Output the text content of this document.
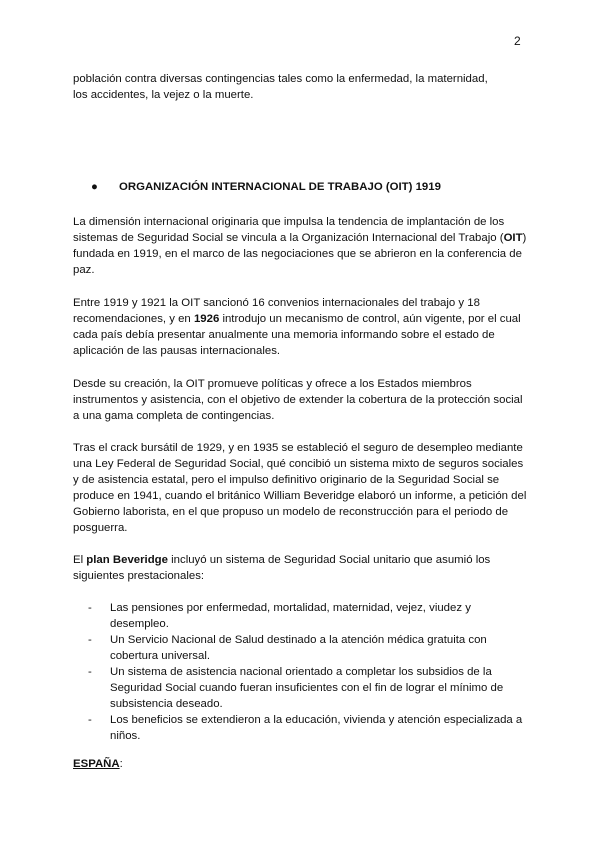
2
población contra diversas contingencias tales como la enfermedad, la maternidad,
los accidentes, la vejez o la muerte.
● ORGANIZACIÓN INTERNACIONAL DE TRABAJO (OIT) 1919

La dimensión internacional originaria que impulsa la tendencia de implantación de los sistemas de Seguridad Social se vincula a la Organización Internacional del Trabajo (OIT) fundada en 1919, en el marco de las negociaciones que se abrieron en la conferencia de paz.

Entre 1919 y 1921 la OIT sancionó 16 convenios internacionales del trabajo y 18 recomendaciones, y en 1926 introdujo un mecanismo de control, aún vigente, por el cual cada país debía presentar anualmente una memoria informando sobre el estado de aplicación de las pausas internacionales.

Desde su creación, la OIT promueve políticas y ofrece a los Estados miembros instrumentos y asistencia, con el objetivo de extender la cobertura de la protección social a una gama completa de contingencias.

Tras el crack bursátil de 1929, y en 1935 se estableció el seguro de desempleo mediante una Ley Federal de Seguridad Social, qué concibió un sistema mixto de seguros sociales y de asistencia estatal, pero el impulso definitivo originario de la Seguridad Social se produce en 1941, cuando el británico William Beveridge elaboró un informe, a petición del Gobierno laborista, en el que propuso un modelo de reconstrucción para el periodo de posguerra.

El plan Beveridge incluyó un sistema de Seguridad Social unitario que asumió los siguientes prestacionales:

- Las pensiones por enfermedad, mortalidad, maternidad, vejez, viudez y desempleo.
- Un Servicio Nacional de Salud destinado a la atención médica gratuita con cobertura universal.
- Un sistema de asistencia nacional orientado a completar los subsidios de la Seguridad Social cuando fueran insuficientes con el fin de lograr el mínimo de subsistencia deseado.
- Los beneficios se extendieron a la educación, vivienda y atención especializada a niños.
ESPAÑA:
